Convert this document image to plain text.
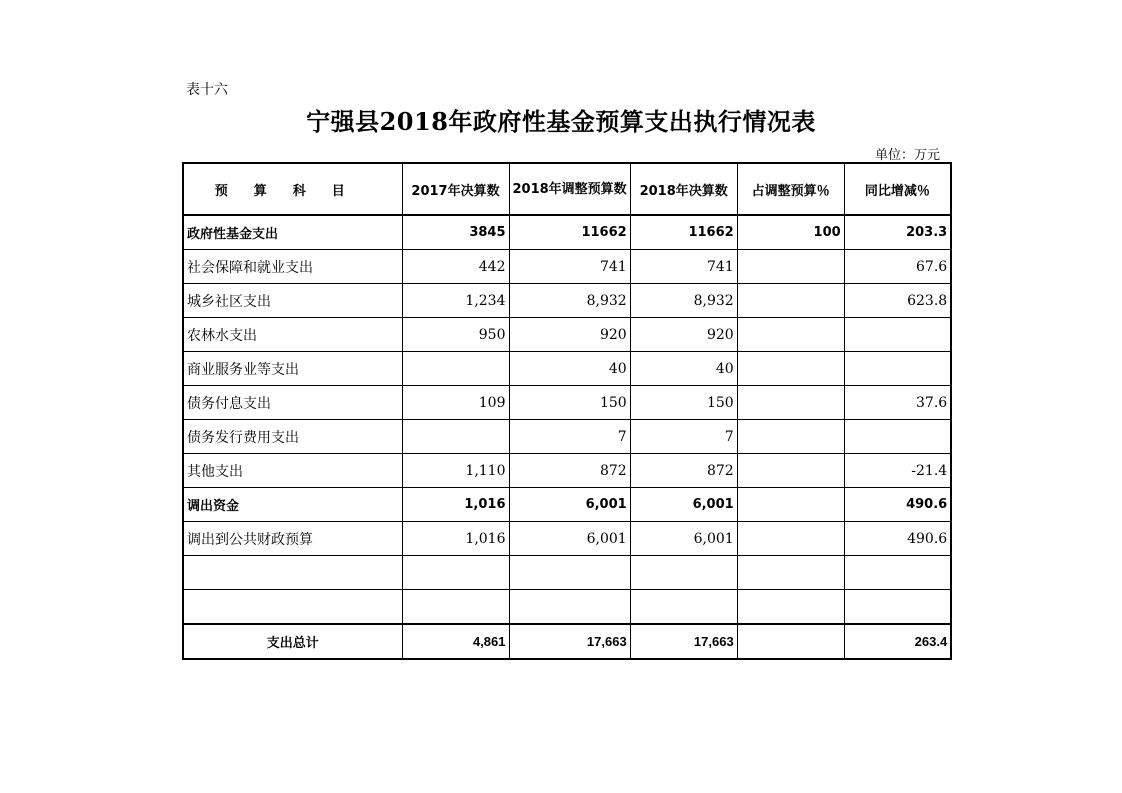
表十六
宁强县2018年政府性基金预算支出执行情况表
单位：万元
预算科目	2017年决算数	2018年调整预算数	2018年决算数	占调整预算％	同比增减％
政府性基金支出	3845	11662	11662	100	203.3
社会保障和就业支出	442	741	741		67.6
城乡社区支出	1,234	8,932	8,932		623.8
农林水支出	950	920	920		
商业服务业等支出		40	40		
债务付息支出	109	150	150		37.6
债务发行费用支出		7	7		
其他支出	1,110	872	872		-21.4
调出资金	1,016	6,001	6,001		490.6
调出到公共财政预算	1,016	6,001	6,001		490.6

支出总计	4,861	17,663	17,663		263.4
